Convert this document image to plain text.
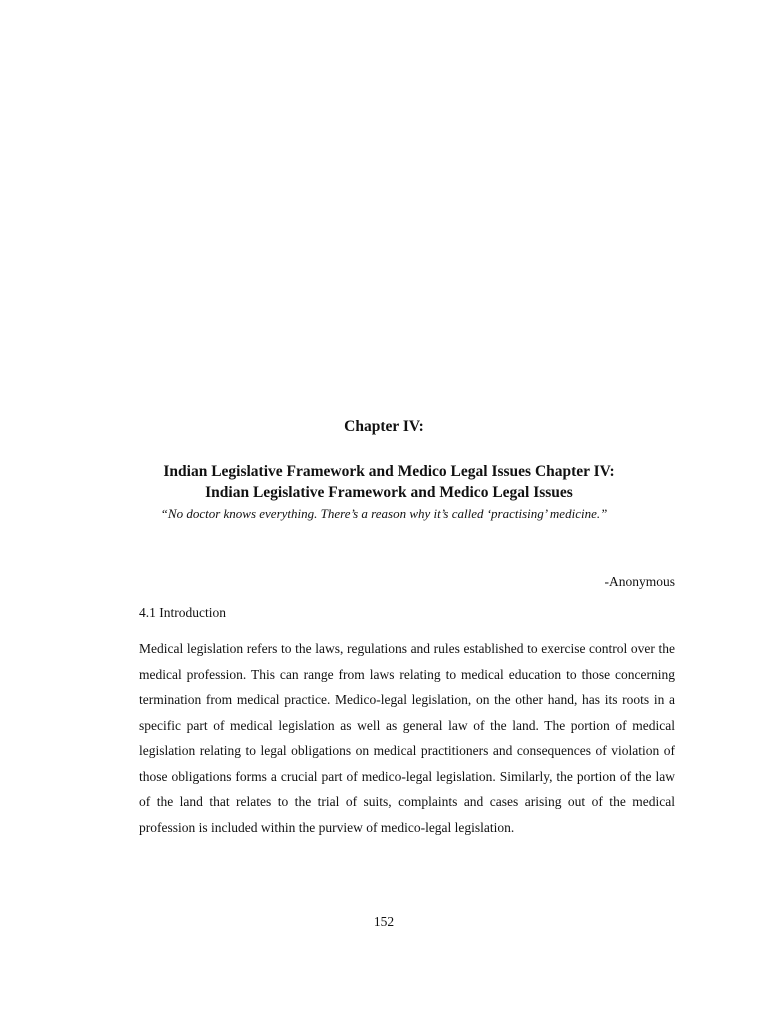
Chapter IV:
Indian Legislative Framework and Medico Legal Issues Chapter IV: Indian Legislative Framework and Medico Legal Issues
“No doctor knows everything. There’s a reason why it’s called ‘practising’ medicine.”
-Anonymous
4.1 Introduction

Medical legislation refers to the laws, regulations and rules established to exercise control over the medical profession. This can range from laws relating to medical education to those concerning termination from medical practice. Medico-legal legislation, on the other hand, has its roots in a specific part of medical legislation as well as general law of the land. The portion of medical legislation relating to legal obligations on medical practitioners and consequences of violation of those obligations forms a crucial part of medico-legal legislation. Similarly, the portion of the law of the land that relates to the trial of suits, complaints and cases arising out of the medical profession is included within the purview of medico-legal legislation.

152
